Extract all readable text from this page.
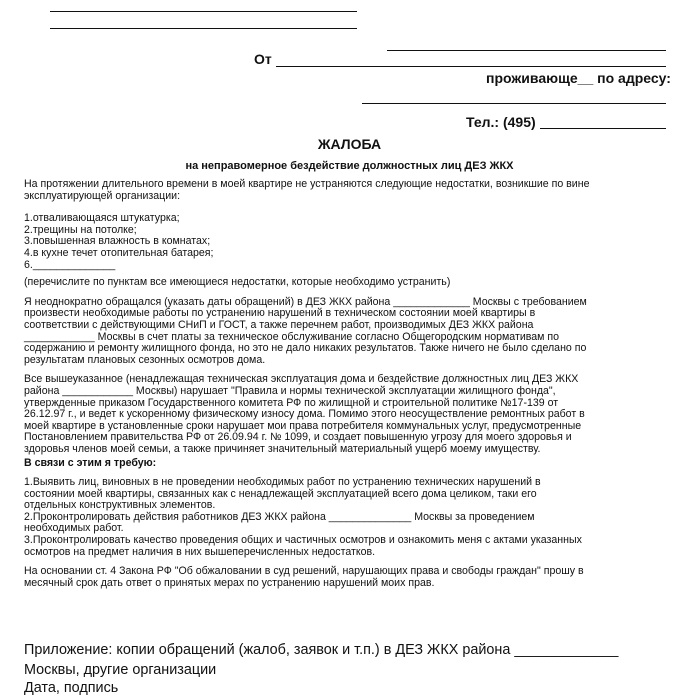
От
проживающе__ по адресу:
Тел.: (495)
ЖАЛОБА
на неправомерное бездействие должностных лиц ДЕЗ ЖКХ
На протяжении длительного времени в моей квартире не устраняются следующие недостатки, возникшие по вине
эксплуатирующей организации:
1.отваливающаяся штукатурка;
2.трещины на потолке;
3.повышенная влажность в комнатах;
4.в кухне течет отопительная батарея;
6.______________
(перечислите по пунктам все имеющиеся недостатки, которые необходимо устранить)
Я неоднократно обращался (указать даты обращений) в ДЕЗ ЖКХ района _____________ Москвы с требованием
произвести необходимые работы по устранению нарушений в техническом состоянии моей квартиры в
соответствии с действующими СНиП и ГОСТ, а также перечнем работ, производимых ДЕЗ ЖКХ района
____________ Москвы в счет платы за техническое обслуживание согласно Общегородским нормативам по
содержанию и ремонту жилищного фонда, но это не дало никаких результатов. Также ничего не было сделано по
результатам плановых сезонных осмотров дома.
Все вышеуказанное (ненадлежащая техническая эксплуатация дома и бездействие должностных лиц ДЕЗ ЖКХ
района ____________ Москвы) нарушает "Правила и нормы технической эксплуатации жилищного фонда",
утвержденные приказом Государственного комитета РФ по жилищной и строительной политике №17-139 от
26.12.97 г., и ведет к ускоренному физическому износу дома. Помимо этого неосуществление ремонтных работ в
моей квартире в установленные сроки нарушает мои права потребителя коммунальных услуг, предусмотренные
Постановлением правительства РФ от 26.09.94 г. № 1099, и создает повышенную угрозу для моего здоровья и
здоровья членов моей семьи, а также причиняет значительный материальный ущерб моему имуществу.
В связи с этим я требую:
1.Выявить лиц, виновных в не проведении необходимых работ по устранению технических нарушений в
состоянии моей квартиры, связанных как с ненадлежащей эксплуатацией всего дома целиком, таки его
отдельных конструктивных элементов.
2.Проконтролировать действия работников ДЕЗ ЖКХ района ______________ Москвы за проведением
необходимых работ.
3.Проконтролировать качество проведения общих и частичных осмотров и ознакомить меня с актами указанных
осмотров на предмет наличия в них вышеперечисленных недостатков.
На основании ст. 4 Закона РФ "Об обжаловании в суд решений, нарушающих права и свободы граждан" прошу в
месячный срок дать ответ о принятых мерах по устранению нарушений моих прав.
Приложение: копии обращений (жалоб, заявок и т.п.) в ДЕЗ ЖКХ района _____________
Москвы, другие организации
Дата, подпись
